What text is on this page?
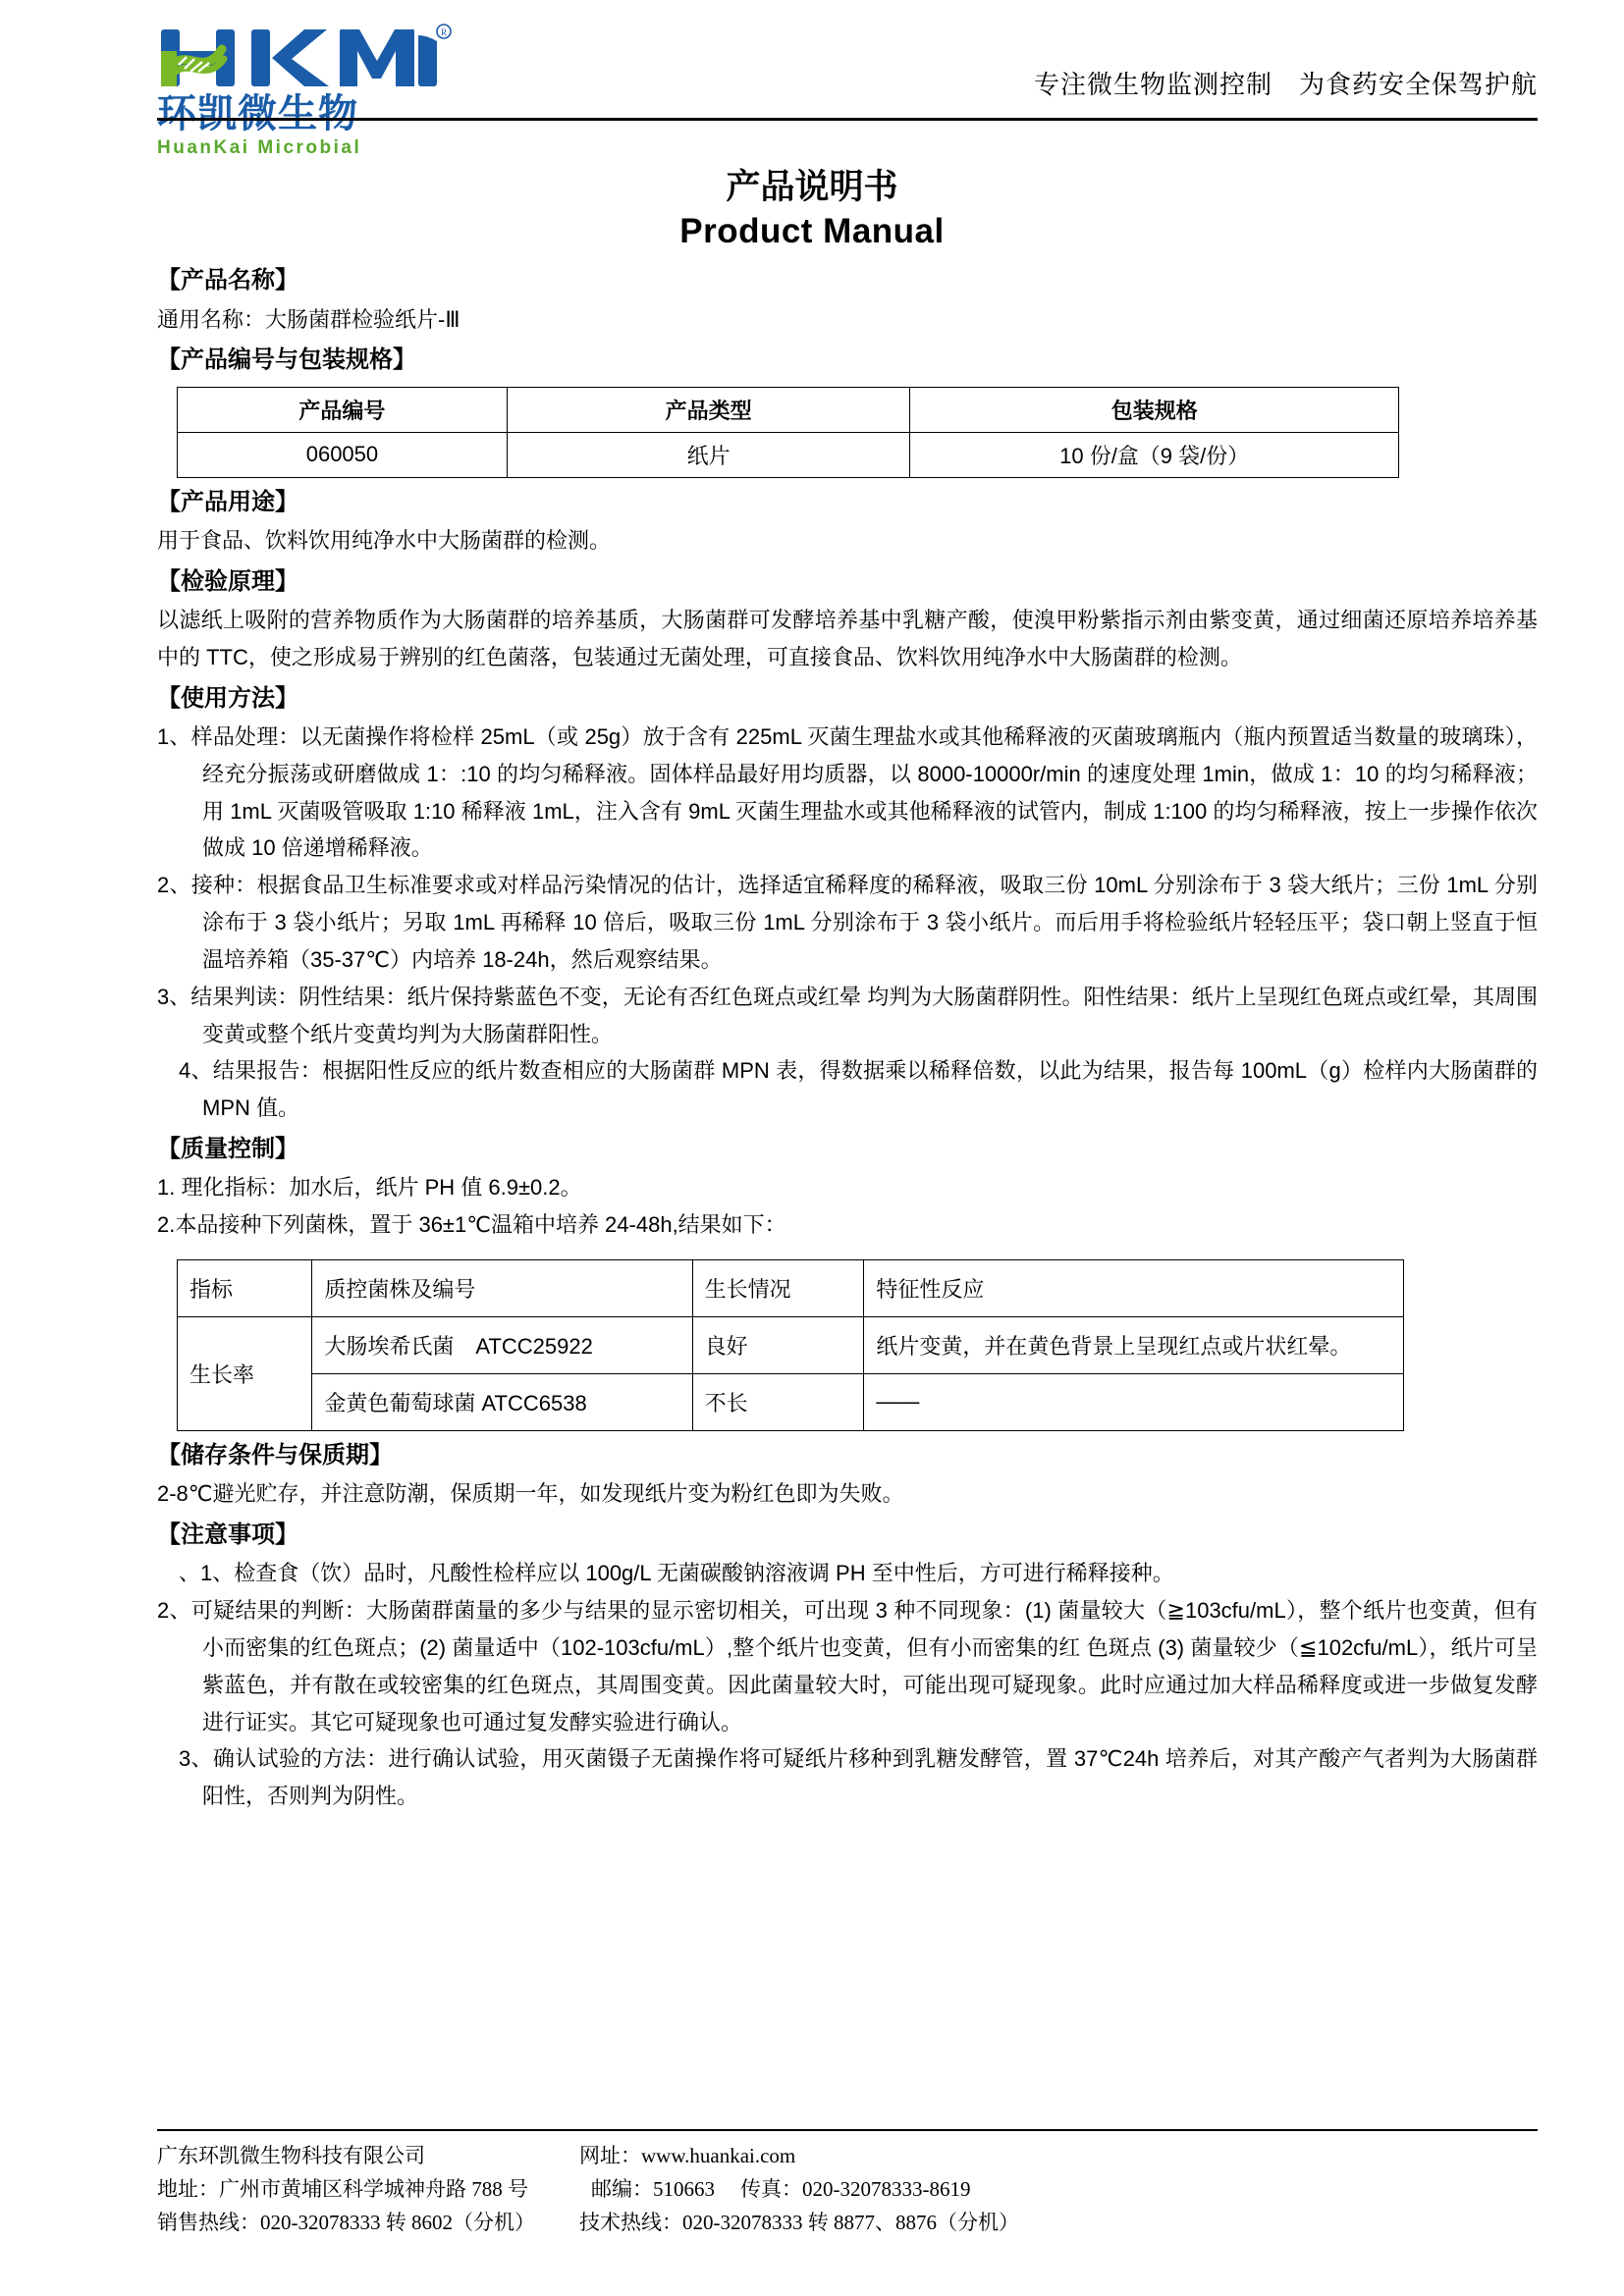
R
环凯微生物
HuanKai Microbial
专注微生物监测控制　为食药安全保驾护航
产品说明书
Product Manual
【产品名称】
通用名称：大肠菌群检验纸片-Ⅲ
【产品编号与包装规格】
产品编号	产品类型	包装规格
060050	纸片	10 份/盒（9 袋/份）
【产品用途】
用于食品、饮料饮用纯净水中大肠菌群的检测。
【检验原理】
以滤纸上吸附的营养物质作为大肠菌群的培养基质，大肠菌群可发酵培养基中乳糖产酸，使溴甲粉紫指示剂由紫变黄，通过细菌还原培养培养基中的 TTC，使之形成易于辨别的红色菌落，包装通过无菌处理，可直接食品、饮料饮用纯净水中大肠菌群的检测。
【使用方法】
1、样品处理：以无菌操作将检样 25mL（或 25g）放于含有 225mL 灭菌生理盐水或其他稀释液的灭菌玻璃瓶内（瓶内预置适当数量的玻璃珠），经充分振荡或研磨做成 1：:10 的均匀稀释液。固体样品最好用均质器，以 8000-10000r/min 的速度处理 1min，做成 1：10 的均匀稀释液；用 1mL 灭菌吸管吸取 1:10 稀释液 1mL，注入含有 9mL 灭菌生理盐水或其他稀释液的试管内，制成 1:100 的均匀稀释液，按上一步操作依次做成 10 倍递增稀释液。
2、接种：根据食品卫生标准要求或对样品污染情况的估计，选择适宜稀释度的稀释液，吸取三份 10mL 分别涂布于 3 袋大纸片；三份 1mL 分别涂布于 3 袋小纸片；另取 1mL 再稀释 10 倍后，吸取三份 1mL 分别涂布于 3 袋小纸片。而后用手将检验纸片轻轻压平；袋口朝上竖直于恒温培养箱（35-37℃）内培养 18-24h，然后观察结果。
3、结果判读：阴性结果：纸片保持紫蓝色不变，无论有否红色斑点或红晕 均判为大肠菌群阴性。阳性结果：纸片上呈现红色斑点或红晕，其周围变黄或整个纸片变黄均判为大肠菌群阳性。
4、结果报告：根据阳性反应的纸片数查相应的大肠菌群 MPN 表，得数据乘以稀释倍数，以此为结果，报告每 100mL（g）检样内大肠菌群的 MPN 值。
【质量控制】
1. 理化指标：加水后，纸片 PH 值 6.9±0.2。
2.本品接种下列菌株，置于 36±1℃温箱中培养 24-48h,结果如下：
指标	质控菌株及编号	生长情况	特征性反应
生长率	大肠埃希氏菌　ATCC25922	良好	纸片变黄，并在黄色背景上呈现红点或片状红晕。
	金黄色葡萄球菌 ATCC6538	不长	——
【储存条件与保质期】
2-8℃避光贮存，并注意防潮，保质期一年，如发现纸片变为粉红色即为失败。
【注意事项】
、1、检查食（饮）品时，凡酸性检样应以 100g/L 无菌碳酸钠溶液调 PH 至中性后，方可进行稀释接种。
2、可疑结果的判断：大肠菌群菌量的多少与结果的显示密切相关，可出现 3 种不同现象：(1) 菌量较大（≧103cfu/mL），整个纸片也变黄，但有小而密集的红色斑点；(2) 菌量适中（102-103cfu/mL）,整个纸片也变黄，但有小而密集的红 色斑点 (3) 菌量较少（≦102cfu/mL），纸片可呈紫蓝色，并有散在或较密集的红色斑点，其周围变黄。因此菌量较大时，可能出现可疑现象。此时应通过加大样品稀释度或进一步做复发酵进行证实。其它可疑现象也可通过复发酵实验进行确认。
3、确认试验的方法：进行确认试验，用灭菌镊子无菌操作将可疑纸片移种到乳糖发酵管，置 37℃24h 培养后，对其产酸产气者判为大肠菌群阳性，否则判为阴性。
广东环凯微生物科技有限公司
地址：广州市黄埔区科学城神舟路 788 号
销售热线：020-32078333 转 8602（分机）
网址：www.huankai.com
邮编：510663 传真：020-32078333-8619
技术热线：020-32078333 转 8877、8876（分机）
